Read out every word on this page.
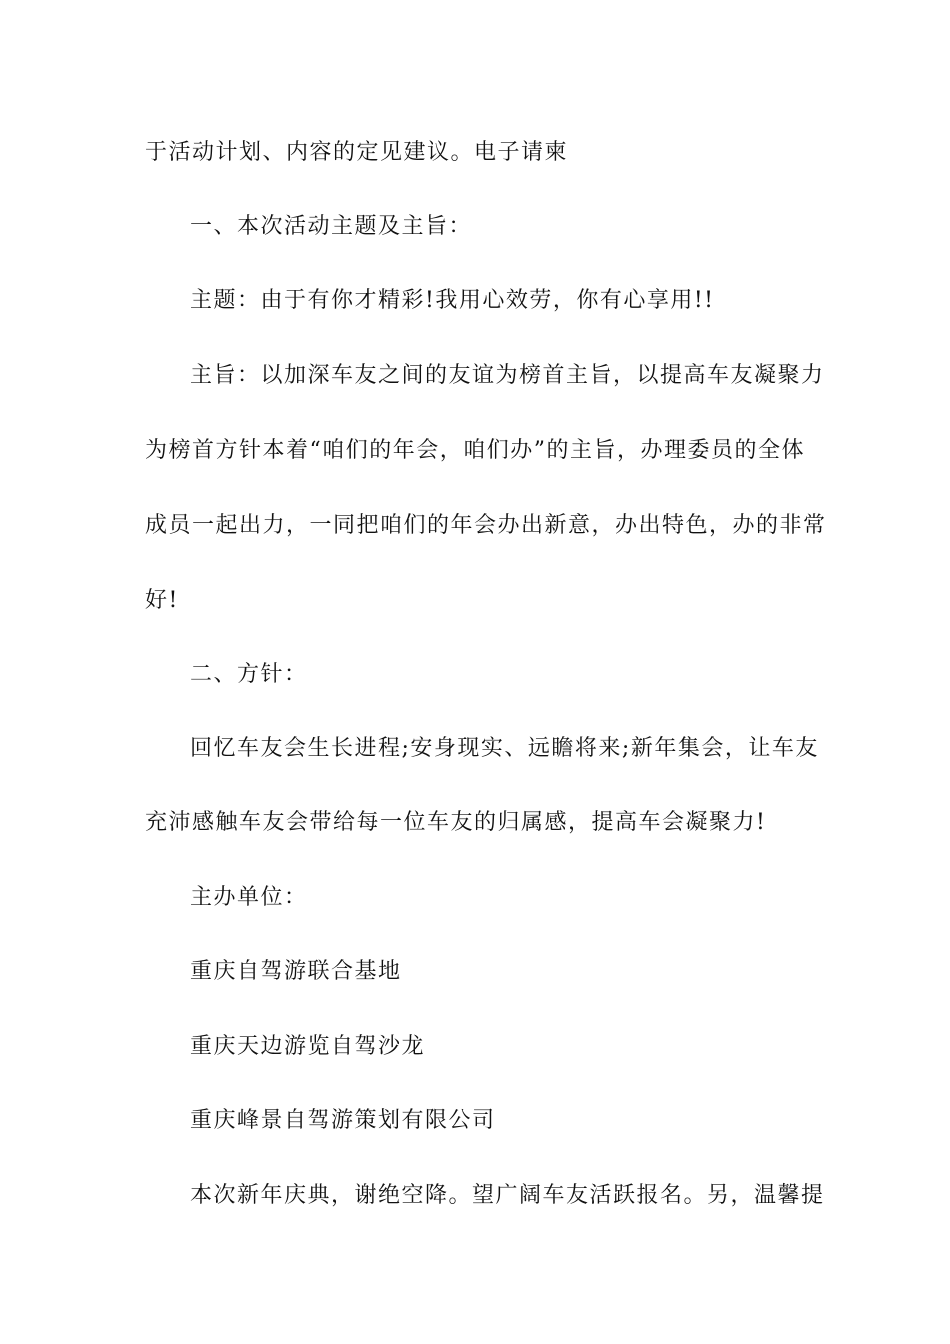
于活动计划、内容的定见建议。电子请柬
一、本次活动主题及主旨：
主题：由于有你才精彩!我用心效劳，你有心享用!!
主旨：以加深车友之间的友谊为榜首主旨，以提高车友凝聚力
为榜首方针本着“咱们的年会，咱们办”的主旨，办理委员的全体
成员一起出力，一同把咱们的年会办出新意，办出特色，办的非常
好!
二、方针：
回忆车友会生长进程;安身现实、远瞻将来;新年集会，让车友
充沛感触车友会带给每一位车友的归属感，提高车会凝聚力!
主办单位：
重庆自驾游联合基地
重庆天边游览自驾沙龙
重庆峰景自驾游策划有限公司
本次新年庆典，谢绝空降。望广阔车友活跃报名。另，温馨提
